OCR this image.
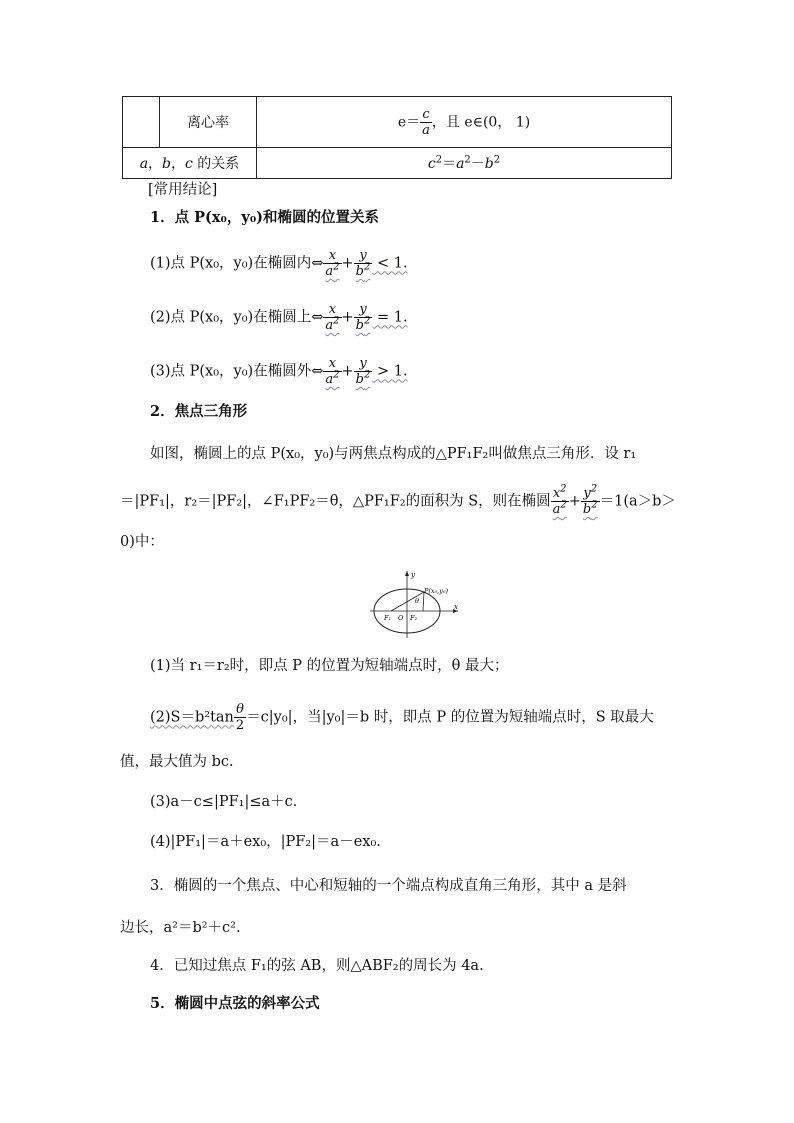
	离心率	$e= \frac{c}{a}$ ，且 e∈(0， 1)
a，b，c 的关系		$c^2=a^2-b^2$
[常用结论]
1．点 P(x₀，y₀)和椭圆的位置关系
(1)点 P(x₀，y₀)在椭圆内⇔ $\frac{x}{a^2} + \frac{y}{b^2} < 1$.
(2)点 P(x₀，y₀)在椭圆上⇔ $\frac{x}{a^2} + \frac{y}{b^2} = 1$.
(3)点 P(x₀，y₀)在椭圆外⇔ $\frac{x}{a^2} + \frac{y}{b^2} > 1$.
2．焦点三角形
如图，椭圆上的点 P(x₀，y₀)与两焦点构成的△PF₁F₂叫做焦点三角形．设 r₁
＝|PF₁|，r₂＝|PF₂|，∠F₁PF₂＝θ，△PF₁F₂的面积为 S，则在椭圆 $\frac{x^2}{a^2} + \frac{y^2}{b^2} =1(a>b>$
0)中：
y
x
P(x₀,y₀)
θ
F₁ O F₂
(1)当 r₁＝r₂时，即点 P 的位置为短轴端点时，θ 最大；
$(2)S=b^2\tan \frac{\theta}{2} =c|y_0|$，当|y₀|＝b 时，即点 P 的位置为短轴端点时，S 取最大
值，最大值为 bc.
(3)a－c≤|PF₁|≤a＋c．
(4)|PF₁|＝a＋ex₀，|PF₂|＝a－ex₀.
3．椭圆的一个焦点、中心和短轴的一个端点构成直角三角形，其中 a 是斜
边长，a²＝b²＋c².
4．已知过焦点 F₁的弦 AB，则△ABF₂的周长为 4a.
5．椭圆中点弦的斜率公式
